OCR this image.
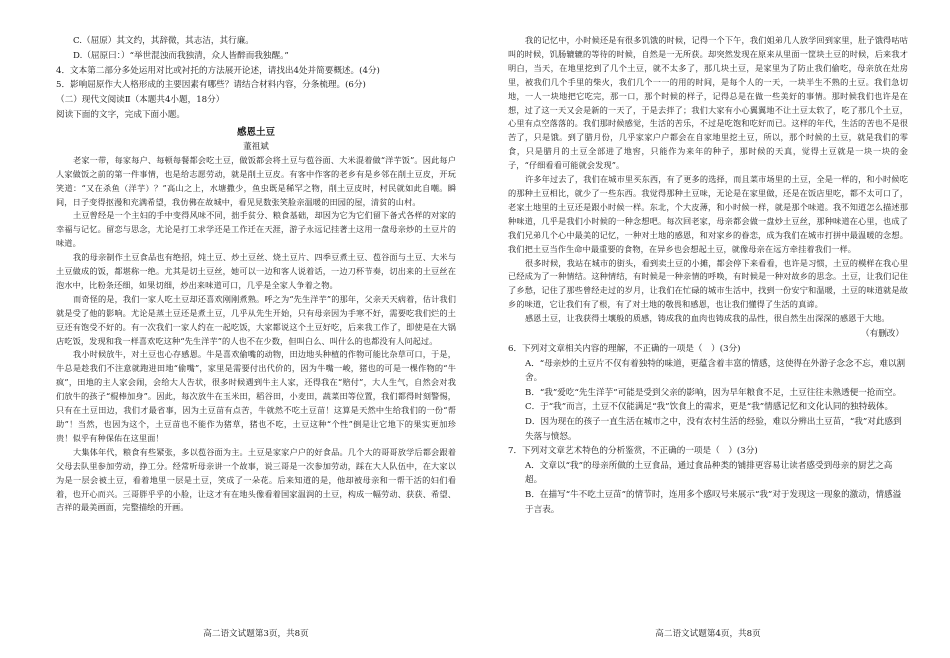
C.（屈原）其文约，其辞微，其志洁，其行廉。
D.（屈原曰：）“举世混浊而我独清，众人皆醉而我独醒。”
4．文本第二部分多处运用对比或衬托的方法展开论述，请找出4处并简要概述。(4分)
5．影响屈原作大人格形成的主要因素有哪些？请结合材料内容，分条梳理。(6分)
（二）现代文阅读Ⅱ（本题共4小题，18分）
阅读下面的文字，完成下面小题。
感恩土豆
董祖斌

老家一带，每家每户、每顿每餐都会吃土豆，做饭都会将土豆与苞谷面、大米混着做“洋芋饭”。因此每户人家做饭之前的第一件事情，也是给志愿劳动，就是削土豆皮。有客中作客的老乡有是乡邻在削土豆皮，开玩笑道：“又在杀鱼（洋芋）？”高山之上，水塘撒少，鱼虫既是稀罕之物，削土豆皮时，村民就如此自嘲。瞬间，日子变得抠漫和充满希望，我仿佛在故城中，看见見数张笑脸亲温暖的田园的屋，清贫的山村。

土豆曾经是一个主妇的手中变得风味不同，拙手贫分、粮食基础，却因为它为它们留下备式各样的对家的幸福与记忆。留恋与思念，尤论是打工求学还是工作迁在天涯，游子永远记挂著土这用一盘母亲炒的土豆片的味道。

我的母亲制作土豆食品也有绝招，炖土豆、炒土豆丝、烧土豆片、四季豆煮土豆、苞谷面与土豆、大米与土豆做成的饭，都堪称一绝。尤其是切土豆丝，她可以一边和客人说着话，一边刀杯节奏，切出来的土豆丝在泡水中，比粉条还细，如果切细，炒出来味道可口，几乎是全家人争着之物。

而奇怪的是，我们一家人吃土豆却还喜欢刚刚煮熟。呼之为“先生洋芋”的那年，父亲天天病着，估计我们就是受了他的影响。尤论是蒸土豆还是煮土豆，几乎从先生开始，只有母亲因为手寒不好，需要吃我们烂的土豆还有饱受不好的。有一次我们一家人约在一起吃饭，大家都说这个土豆好吃，后来我工作了，即使是在大锅店吃饭，发现和我一样喜欢吃这种“先生洋芋”的人也不在少数，但叫白么、叫什么的也都没有人问起过。

我小时候放牛，对土豆也心存感恩。牛是喜欢偷嘴的动物，田边地头种植的作物可能比杂草可口，于是，牛总是趁我们不注意就跑进田地“偷嘴”，家里是需要付出代价的，因为牛嘴一峻，猪也的可是一棵作物的“牛疯”，田地的主人家会闹，会给大人告状，很多时候遇到牛主人家，还得我在“赔付”，大人生气，自然会对我们放牛的孩子“棍棒加身”。因此，每次放牛在玉米田，稻谷田，小麦田，蔬菜田等位置，我们都得时刻警惕，只有在土豆田边，我们才最省事，因为土豆苗有点苦，牛就然不吃土豆苗！这算是天然中生给我们的一份“帮助”！当然，也因为这个，土豆苗也不能作为猪草，猪也不吃，土豆这种“个性”倒是让它地下的果实更加珍贵！似乎有种保佑在这里面！

大集体年代，粮食有些紧张，多以苞谷面为主。土豆是家家户户的好食品。几个大的哥哥放学后都会跟着父母去队里参加劳动，挣工分。经常听母亲讲一个故事，说三哥是一次参加劳动，踩在大人队伍中，在大家以为是一层会被土豆，看着地里一层是土豆，笑成了一朵花。后来知道的是，他却被母亲和一帮干活的妇们看着，也开心而兴。三哥胖乎乎的小脸，让这才有在地头像看着国家温润的土豆，构成一幅劳动、获获、希望、吉祥的最美画面，完整描绘的开画。

高二语文试题第3页，共8页

我的记忆中，小时候还是有很多饥饿的时候，记得一个下午，我们姐弟几人放学回到家里，肚子饿得咕咕叫的时候，饥肠辘辘的等待的时候，自然是一无所获。却突然发现在原来从里面一筐块土豆的时候，后来我才明白，当天，在地里挖到了几个土豆，就不太多了，那几块土豆，是家里为了防止我们偷吃，母亲放在灶房里，被我们几个手里的柴火，我们几个一一的用的时间，是每个人的一天，一块半生不熟的土豆。我们急切地，一人一块地把它吃完，那一口，那个时候的样子，记得总是在做一些美好的事情。那时候我们也许是在想，过了这一天又会是新的一天了，于是去拌了；我们大家有小心翼翼地不让土豆太软了，吃了那几个土豆，心里有点空落落的。我们那时候感觉，生活的苦乐，不过是吃饱和吃好而已。这样的年代，生活的苦也不是很苦了，只是饿。到了腊月份，几乎家家户户都会在自家地里挖土豆，所以，那个时候的土豆，就是我们的零食，只是腊月的土豆全部进了地窖，只能作为来年的种子，那时候的天真，觉得土豆就是一块一块的金子，“仔细看看可能就会发现”。

许多年过去了，我们在城市里买东西，有了更多的选择，而且菜市场里的土豆，全是一样的，和小时候吃的那种土豆相比，就少了一些东西。我觉得那种土豆味，无论是在家里做，还是在饭店里吃，都不太可口了，老家土地里的土豆还是跟小时候一样。东北，个大皮薄，和小时候一样，就是那个味道。我不知道怎么描述那种味道，几乎是我们小时候的一种念想吧。每次回老家，母亲都会做一盘炒土豆丝，那种味道在心里，也成了我们兄弟几个心中最美的记忆，一种对土地的感恩，和对家乡的眷恋，成为我们在城市打拼中最温暖的念想。我们把土豆当作生命中最重要的食物，在异乡也会想起土豆，就像母亲在远方牵挂着我们一样。

很多时候，我站在城市的街头，看到卖土豆的小摊，都会停下来看看，也许是习惯，土豆的模样在我心里已经成为了一种情结。这种情结，有时候是一种亲情的呼唤，有时候是一种对故乡的思念。土豆，让我们记住了乡愁，记住了那些曾经走过的岁月，让我们在忙碌的城市生活中，找到一份安宁和温暖，土豆的味道就是故乡的味道，它让我们有了根，有了对土地的敬畏和感恩，也让我们懂得了生活的真谛。

感恩土豆，让我获得土壤般的质感，铸成我的血肉也铸成我的品性，很自然生出深深的感恩于大地。

（有删改）
6．下列对文章相关内容的理解，不正确的一项是（　）(3分)
A．“母亲炒的土豆片不仅有着独特的味道，更蕴含着丰富的情感，这使得在外游子念念不忘，难以割舍。
B．“我”爱吃“先生洋芋”可能是受到父亲的影响，因为早年粮食不足，土豆往往未熟透便一抢而空。
C．于“我”而言，土豆不仅能满足“我”饮食上的需求，更是“我”情感记忆和文化认同的独特载体。
D．因为现在的孩子一直生活在城市之中，没有农村生活的经验，难以分辨出土豆苗，“我”对此感到失落与愤怒。
7．下列对文章艺术特色的分析鉴赏，不正确的一项是（　）(3分)
A．文章以“我”的母亲所做的土豆食品，通过食品种类的铺排更容易让读者感受到母亲的厨艺之高超。
B．在描写“牛不吃土豆苗”的情节时，连用多个感叹号来展示“我”对于发现这一现象的激动，情感溢于言表。
高二语文试题第4页，共8页
